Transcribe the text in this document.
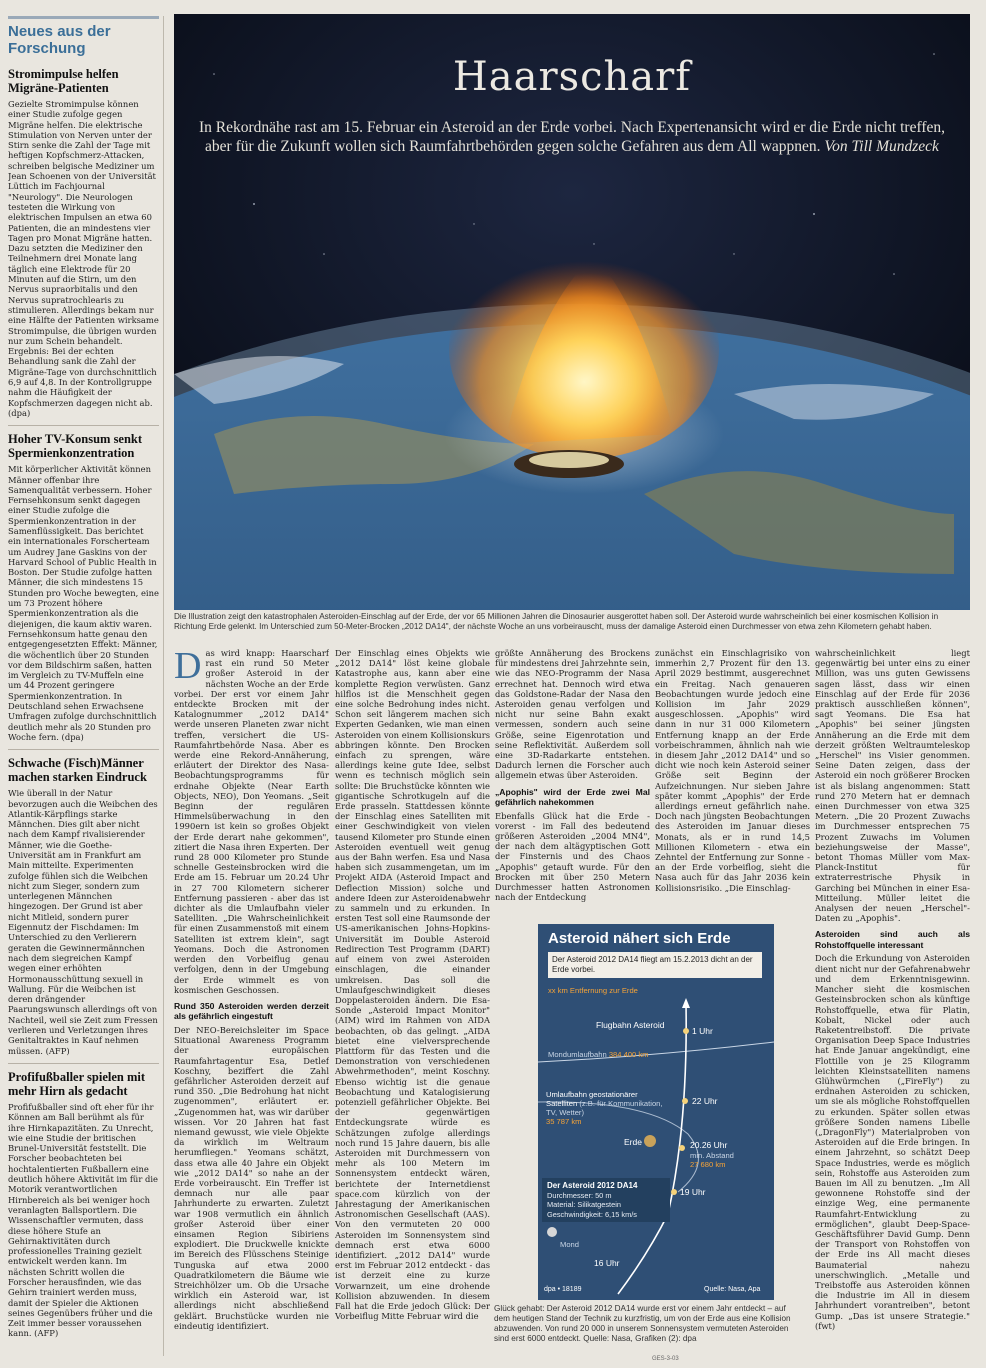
Neues aus der
Forschung
Stromimpulse helfen Migräne-Patienten
Gezielte Stromimpulse können einer Studie zufolge gegen Migräne helfen. Die elektrische Stimulation von Nerven unter der Stirn senke die Zahl der Tage mit heftigen Kopfschmerz-Attacken, schreiben belgische Mediziner um Jean Schoenen von der Universität Lüttich im Fachjournal "Neurology". Die Neurologen testeten die Wirkung von elektrischen Impulsen an etwa 60 Patienten, die an mindestens vier Tagen pro Monat Migräne hatten. Dazu setzten die Mediziner den Teilnehmern drei Monate lang täglich eine Elektrode für 20 Minuten auf die Stirn, um den Nervus supraorbitalis und den Nervus supratrochlearis zu stimulieren. Allerdings bekam nur eine Hälfte der Patienten wirksame Stromimpulse, die übrigen wurden nur zum Schein behandelt. Ergebnis: Bei der echten Behandlung sank die Zahl der Migräne-Tage von durchschnittlich 6,9 auf 4,8. In der Kontrollgruppe nahm die Häufigkeit der Kopfschmerzen dagegen nicht ab. (dpa)
Hoher TV-Konsum senkt Spermienkonzentration
Mit körperlicher Aktivität können Männer offenbar ihre Samenqualität verbessern. Hoher Fernsehkonsum senkt dagegen einer Studie zufolge die Spermienkonzentration in der Samenflüssigkeit. Das berichtet ein internationales Forscherteam um Audrey Jane Gaskins von der Harvard School of Public Health in Boston. Der Studie zufolge hatten Männer, die sich mindestens 15 Stunden pro Woche bewegten, eine um 73 Prozent höhere Spermienkonzentration als die diejenigen, die kaum aktiv waren. Fernsehkonsum hatte genau den entgegengesetzten Effekt: Männer, die wöchentlich über 20 Stunden vor dem Bildschirm saßen, hatten im Vergleich zu TV-Muffeln eine um 44 Prozent geringere Spermienkonzentration. In Deutschland sehen Erwachsene Umfragen zufolge durchschnittlich deutlich mehr als 20 Stunden pro Woche fern. (dpa)
Schwache (Fisch)Männer machen starken Eindruck
Wie überall in der Natur bevorzugen auch die Weibchen des Atlantik-Kärpflings starke Männchen. Dies gilt aber nicht nach dem Kampf rivalisierender Männer, wie die Goethe-Universität am in Frankfurt am Main mitteilte. Experimenten zufolge fühlen sich die Weibchen nicht zum Sieger, sondern zum unterlegenen Männchen hingezogen. Der Grund ist aber nicht Mitleid, sondern purer Eigennutz der Fischdamen: Im Unterschied zu den Verlierern geraten die Gewinnermännchen nach dem siegreichen Kampf wegen einer erhöhten Hormonausschüttung sexuell in Wallung. Für die Weibchen ist deren drängender Paarungswunsch allerdings oft von Nachteil, weil sie Zeit zum Fressen verlieren und Verletzungen ihres Genitaltraktes in Kauf nehmen müssen. (AFP)
Profifußballer spielen mit mehr Hirn als gedacht
Profifußballer sind oft eher für ihr Können am Ball berühmt als für ihre Hirnkapazitäten. Zu Unrecht, wie eine Studie der britischen Brunel-Universität feststellt. Die Forscher beobachteten bei hochtalentierten Fußballern eine deutlich höhere Aktivität im für die Motorik verantwortlichen Hirnbereich als bei weniger hoch veranlagten Ballsportlern. Die Wissenschaftler vermuten, dass diese höhere Stufe an Gehirnaktivitäten durch professionelles Training gezielt entwickelt werden kann. Im nächsten Schritt wollen die Forscher herausfinden, wie das Gehirn trainiert werden muss, damit der Spieler die Aktionen seines Gegenübers früher und die Zeit immer besser voraussehen kann. (AFP)
Haarscharf
In Rekordnähe rast am 15. Februar ein Asteroid an der Erde vorbei. Nach Expertenansicht wird er die Erde nicht treffen, aber für die Zukunft wollen sich Raumfahrtbehörden gegen solche Gefahren aus dem All wappnen. Von Till Mundzeck
Die Illustration zeigt den katastrophalen Asteroiden-Einschlag auf der Erde, der vor 65 Millionen Jahren die Dinosaurier ausgerottet haben soll. Der Asteroid wurde wahrscheinlich bei einer kosmischen Kollision in Richtung Erde gelenkt. Im Unterschied zum 50-Meter-Brocken „2012 DA14", der nächste Woche an uns vorbeirauscht, muss der damalige Asteroid einen Durchmesser von etwa zehn Kilometern gehabt haben.
D as wird knapp: Haarscharf rast ein rund 50 Meter großer Asteroid in der nächsten Woche an der Erde vorbei. Der erst vor einem Jahr entdeckte Brocken mit der Katalognummer „2012 DA14" werde unseren Planeten zwar nicht treffen, versichert die US-Raumfahrtbehörde Nasa. Aber es werde eine Rekord-Annäherung, erläutert der Direktor des Nasa-Beobachtungsprogramms für erdnahe Objekte (Near Earth Objects, NEO), Don Yeomans. „Seit Beginn der regulären Himmelsüberwachung in den 1990ern ist kein so großes Objekt der Erde derart nahe gekommen", zitiert die Nasa ihren Experten. Der rund 28 000 Kilometer pro Stunde schnelle Gesteinsbrocken wird die Erde am 15. Februar um 20.24 Uhr in 27 700 Kilometern sicherer Entfernung passieren - aber das ist dichter als die Umlaufbahn vieler Satelliten. „Die Wahrscheinlichkeit für einen Zusammenstoß mit einem Satelliten ist extrem klein", sagt Yeomans. Doch die Astronomen werden den Vorbeiflug genau verfolgen, denn in der Umgebung der Erde wimmelt es von kosmischen Geschossen.

Rund 350 Asteroiden werden derzeit als gefährlich eingestuft

Der NEO-Bereichsleiter im Space Situational Awareness Programm der europäischen Raumfahrtagentur Esa, Detlef Koschny, beziffert die Zahl gefährlicher Asteroiden derzeit auf rund 350. „Die Bedrohung hat nicht zugenommen", erläutert er. „Zugenommen hat, was wir darüber wissen. Vor 20 Jahren hat fast niemand gewusst, wie viele Objekte da wirklich im Weltraum herumfliegen." Yeomans schätzt, dass etwa alle 40 Jahre ein Objekt wie „2012 DA14" so nahe an der Erde vorbeirauscht. Ein Treffer ist demnach nur alle paar Jahrhunderte zu erwarten. Zuletzt war 1908 vermutlich ein ähnlich großer Asteroid über einer einsamen Region Sibiriens explodiert. Die Druckwelle knickte im Bereich des Flüsschens Steinige Tunguska auf etwa 2000 Quadratkilometern die Bäume wie Streichhölzer um. Ob die Ursache wirklich ein Asteroid war, ist allerdings nicht abschließend geklärt. Bruchstücke wurden nie eindeutig identifiziert.

Der Einschlag eines Objekts wie „2012 DA14" löst keine globale Katastrophe aus, kann aber eine komplette Region verwüsten. Ganz hilflos ist die Menschheit gegen eine solche Bedrohung indes nicht. Schon seit längerem machen sich Experten Gedanken, wie man einen Asteroiden von einem Kollisionskurs abbringen könnte. Den Brocken einfach zu sprengen, wäre allerdings keine gute Idee, selbst wenn es technisch möglich sein sollte: Die Bruchstücke könnten wie gigantische Schrotkugeln auf die Erde prasseln. Stattdessen könnte der Einschlag eines Satelliten mit einer Geschwindigkeit von vielen tausend Kilometer pro Stunde einen Asteroiden eventuell weit genug aus der Bahn werfen. Esa und Nasa haben sich zusammengetan, um im Projekt AIDA (Asteroid Impact and Deflection Mission) solche und andere Ideen zur Asteroidenabwehr zu sammeln und zu erkunden. In ersten Test soll eine Raumsonde der US-amerikanischen Johns-Hopkins-Universität im Double Asteroid Redirection Test Programm (DART) auf einem von zwei Asteroiden einschlagen, die einander umkreisen. Das soll die Umlaufgeschwindigkeit dieses Doppelasteroiden ändern. Die Esa-Sonde „Asteroid Impact Monitor" (AIM) wird im Rahmen von AIDA beobachten, ob das gelingt. „AIDA bietet eine vielversprechende Plattform für das Testen und die Demonstration von verschiedenen Abwehrmethoden", meint Koschny. Ebenso wichtig ist die genaue Beobachtung und Katalogisierung potenziell gefährlicher Objekte. Bei der gegenwärtigen Entdeckungsrate würde es Schätzungen zufolge allerdings noch rund 15 Jahre dauern, bis alle Asteroiden mit Durchmessern von mehr als 100 Metern im Sonnensystem entdeckt wären, berichtete der Internetdienst space.com kürzlich von der Jahrestagung der Amerikanischen Astronomischen Gesellschaft (AAS). Von den vermuteten 20 000 Asteroiden im Sonnensystem sind demnach erst etwa 6000 identifiziert. „2012 DA14" wurde erst im Februar 2012 entdeckt - das ist derzeit eine zu kurze Vorwarnzeit, um eine drohende Kollision abzuwenden. In diesem Fall hat die Erde jedoch Glück: Der Vorbeiflug Mitte Februar wird die

größte Annäherung des Brockens für mindestens drei Jahrzehnte sein, wie das NEO-Programm der Nasa errechnet hat. Dennoch wird etwa das Goldstone-Radar der Nasa den Asteroiden genau verfolgen und nicht nur seine Bahn exakt vermessen, sondern auch seine Größe, seine Eigenrotation und seine Reflektivität. Außerdem soll eine 3D-Radarkarte entstehen. Dadurch lernen die Forscher auch allgemein etwas über Asteroiden.

„Apophis" wird der Erde zwei Mal gefährlich nahekommen

Ebenfalls Glück hat die Erde - vorerst - im Fall des bedeutend größeren Asteroiden „2004 MN4", der nach dem altägyptischen Gott der Finsternis und des Chaos „Apophis" getauft wurde. Für den Brocken mit über 250 Metern Durchmesser hatten Astronomen nach der Entdeckung

zunächst ein Einschlagrisiko von immerhin 2,7 Prozent für den 13. April 2029 bestimmt, ausgerechnet ein Freitag. Nach genaueren Beobachtungen wurde jedoch eine Kollision im Jahr 2029 ausgeschlossen. „Apophis" wird dann in nur 31 000 Kilometern Entfernung knapp an der Erde vorbeischrammen, ähnlich nah wie in diesem Jahr „2012 DA14" und so dicht wie noch kein Asteroid seiner Größe seit Beginn der Aufzeichnungen. Nur sieben Jahre später kommt „Apophis" der Erde allerdings erneut gefährlich nahe. Doch nach jüngsten Beobachtungen des Asteroiden im Januar dieses Monats, als er in rund 14,5 Millionen Kilometern - etwa ein Zehntel der Entfernung zur Sonne - an der Erde vorbeiflog, sieht die Nasa auch für das Jahr 2036 kein Kollisionsrisiko. „Die Einschlag-

wahrscheinlichkeit liegt gegenwärtig bei unter eins zu einer Million, was uns guten Gewissens sagen lässt, dass wir einen Einschlag auf der Erde für 2036 praktisch ausschließen können", sagt Yeomans. Die Esa hat „Apophis" bei seiner jüngsten Annäherung an die Erde mit dem derzeit größten Weltraumteleskop „Herschel" ins Visier genommen. Seine Daten zeigen, dass der Asteroid ein noch größerer Brocken ist als bislang angenommen: Statt rund 270 Metern hat er demnach einen Durchmesser von etwa 325 Metern. „Die 20 Prozent Zuwachs im Durchmesser entsprechen 75 Prozent Zuwachs im Volumen beziehungsweise der Masse", betont Thomas Müller vom Max-Planck-Institut für extraterrestrische Physik in Garching bei München in einer Esa-Mitteilung. Müller leitet die Analysen der neuen „Herschel"-Daten zu „Apophis".

Asteroiden sind auch als Rohstoffquelle interessant

Doch die Erkundung von Asteroiden dient nicht nur der Gefahrenabwehr und dem Erkenntnisgewinn. Mancher sieht die kosmischen Gesteinsbrocken schon als künftige Rohstoffquelle, etwa für Platin, Kobalt, Nickel oder auch Raketentreibstoff. Die private Organisation Deep Space Industries hat Ende Januar angekündigt, eine Flottille von je 25 Kilogramm leichten Kleinstsatelliten namens Glühwürmchen („FireFly") zu erdnahen Asteroiden zu schicken, um sie als mögliche Rohstoffquellen zu erkunden. Später sollen etwas größere Sonden namens Libelle („DragonFly") Materialproben von Asteroiden auf die Erde bringen. In einem Jahrzehnt, so schätzt Deep Space Industries, werde es möglich sein, Rohstoffe aus Asteroiden zum Bauen im All zu benutzen. „Im All gewonnene Rohstoffe sind der einzige Weg, eine permanente Raumfahrt-Entwicklung zu ermöglichen", glaubt Deep-Space-Geschäftsführer David Gump. Denn der Transport von Rohstoffen von der Erde ins All macht dieses Baumaterial nahezu unerschwinglich. „Metalle und Treibstoffe aus Asteroiden können die Industrie im All in diesem Jahrhundert vorantreiben", betont Gump. „Das ist unsere Strategie." (fwt)

Asteroid nähert sich Erde
Der Asteroid 2012 DA14 fliegt am 15.2.2013 dicht an der Erde vorbei.
xx km Entfernung zur Erde
Flugbahn Asteroid
1 Uhr
Mondumlaufbahn 384 400 km
22 Uhr
Umlaufbahn geostationärer Satelliten (z.B. für Kommunikation, TV, Wetter)
35 787 km
Erde	20.26 Uhr
min. Abstand
27 680 km
19 Uhr
Der Asteroid 2012 DA14
Durchmesser: 50 m
Material: Silikatgestein
Geschwindigkeit: 6,15 km/s
Mond
16 Uhr
dpa • 18189	Quelle: Nasa, Apa
Glück gehabt: Der Asteroid 2012 DA14 wurde erst vor einem Jahr entdeckt – auf dem heutigen Stand der Technik zu kurzfristig, um von der Erde aus eine Kollision abzuwenden. Von rund 20 000 in unserem Sonnensystem vermuteten Asteroiden sind erst 6000 entdeckt. Quelle: Nasa, Grafiken (2): dpa
GES-3-03
